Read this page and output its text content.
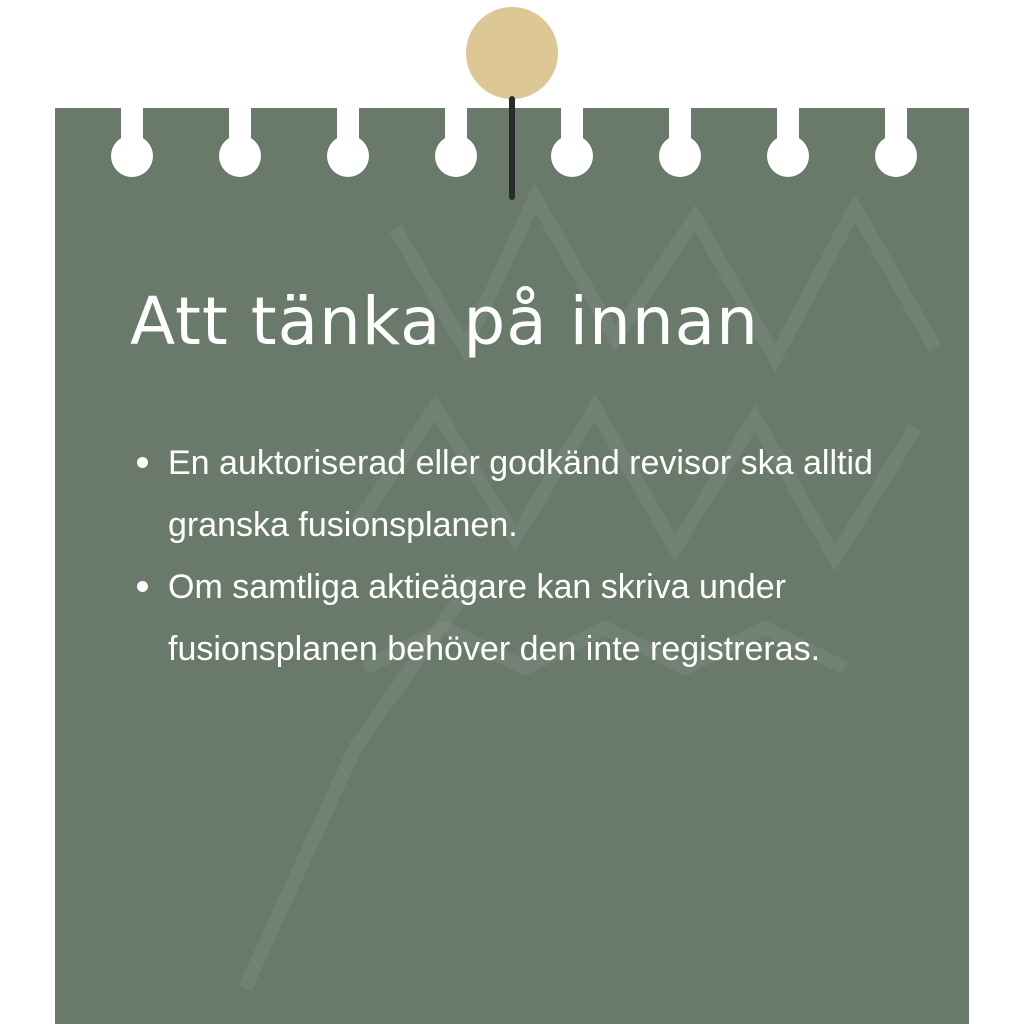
Att tänka på innan
En auktoriserad eller godkänd revisor ska alltid granska fusionsplanen.
Om samtliga aktieägare kan skriva under fusionsplanen behöver den inte registreras.
